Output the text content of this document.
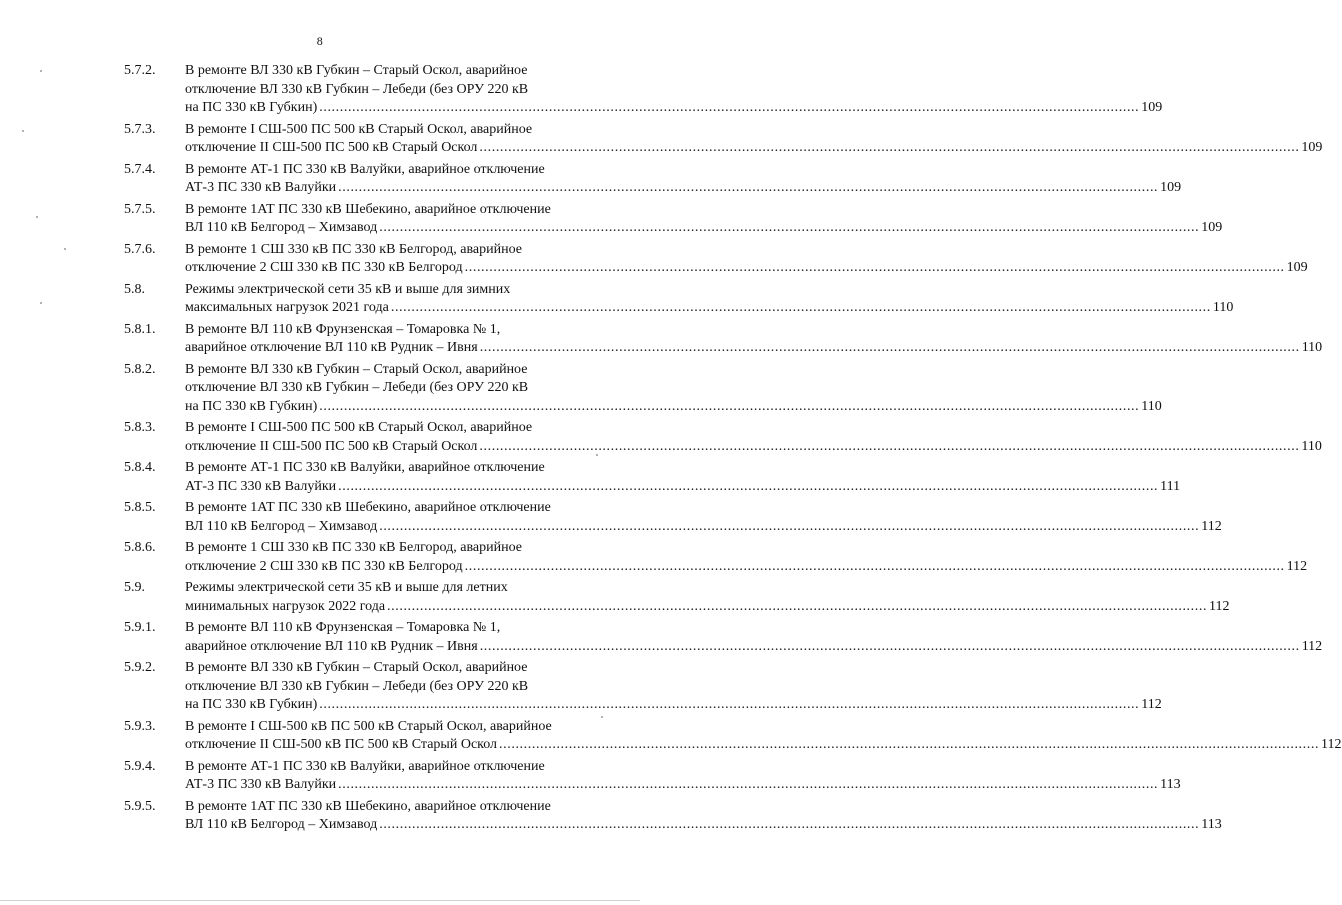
8
5.7.2. В ремонте ВЛ 330 кВ Губкин – Старый Оскол, аварийное
отключение ВЛ 330 кВ Губкин – Лебеди (без ОРУ 220 кВ
на ПС 330 кВ Губкин) ........................................................................................................................................................................................................ 109
5.7.3. В ремонте I СШ-500 ПС 500 кВ Старый Оскол, аварийное
отключение II СШ-500 ПС 500 кВ Старый Оскол ........................................................................................................................................................................................................ 109
5.7.4. В ремонте АТ-1 ПС 330 кВ Валуйки, аварийное отключение
АТ-3 ПС 330 кВ Валуйки ........................................................................................................................................................................................................ 109
5.7.5. В ремонте 1АТ ПС 330 кВ Шебекино, аварийное отключение
ВЛ 110 кВ Белгород – Химзавод ........................................................................................................................................................................................................ 109
5.7.6. В ремонте 1 СШ 330 кВ ПС 330 кВ Белгород, аварийное
отключение 2 СШ 330 кВ ПС 330 кВ Белгород ........................................................................................................................................................................................................ 109
5.8.	Режимы электрической сети 35 кВ и выше для зимних
максимальных нагрузок 2021 года ........................................................................................................................................................................................................ 110
5.8.1. В ремонте ВЛ 110 кВ Фрунзенская – Томаровка № 1,
аварийное отключение ВЛ 110 кВ Рудник – Ивня ........................................................................................................................................................................................................ 110
5.8.2. В ремонте ВЛ 330 кВ Губкин – Старый Оскол, аварийное
отключение ВЛ 330 кВ Губкин – Лебеди (без ОРУ 220 кВ
на ПС 330 кВ Губкин) ........................................................................................................................................................................................................ 110
5.8.3. В ремонте I СШ-500 ПС 500 кВ Старый Оскол, аварийное
отключение II СШ-500 ПС 500 кВ Старый Оскол ........................................................................................................................................................................................................ 110
5.8.4. В ремонте АТ-1 ПС 330 кВ Валуйки, аварийное отключение
АТ-3 ПС 330 кВ Валуйки ........................................................................................................................................................................................................ 111
5.8.5. В ремонте 1АТ ПС 330 кВ Шебекино, аварийное отключение
ВЛ 110 кВ Белгород – Химзавод ........................................................................................................................................................................................................ 112
5.8.6. В ремонте 1 СШ 330 кВ ПС 330 кВ Белгород, аварийное
отключение 2 СШ 330 кВ ПС 330 кВ Белгород ........................................................................................................................................................................................................ 112
5.9.	Режимы электрической сети 35 кВ и выше для летних
минимальных нагрузок 2022 года ........................................................................................................................................................................................................ 112
5.9.1. В ремонте ВЛ 110 кВ Фрунзенская – Томаровка № 1,
аварийное отключение ВЛ 110 кВ Рудник – Ивня ........................................................................................................................................................................................................ 112
5.9.2. В ремонте ВЛ 330 кВ Губкин – Старый Оскол, аварийное
отключение ВЛ 330 кВ Губкин – Лебеди (без ОРУ 220 кВ
на ПС 330 кВ Губкин) ........................................................................................................................................................................................................ 112
5.9.3. В ремонте I СШ-500 кВ ПС 500 кВ Старый Оскол, аварийное
отключение II СШ-500 кВ ПС 500 кВ Старый Оскол ........................................................................................................................................................................................................ 112
5.9.4. В ремонте АТ-1 ПС 330 кВ Валуйки, аварийное отключение
АТ-3 ПС 330 кВ Валуйки ........................................................................................................................................................................................................ 113
5.9.5. В ремонте 1АТ ПС 330 кВ Шебекино, аварийное отключение
ВЛ 110 кВ Белгород – Химзавод ........................................................................................................................................................................................................ 113
